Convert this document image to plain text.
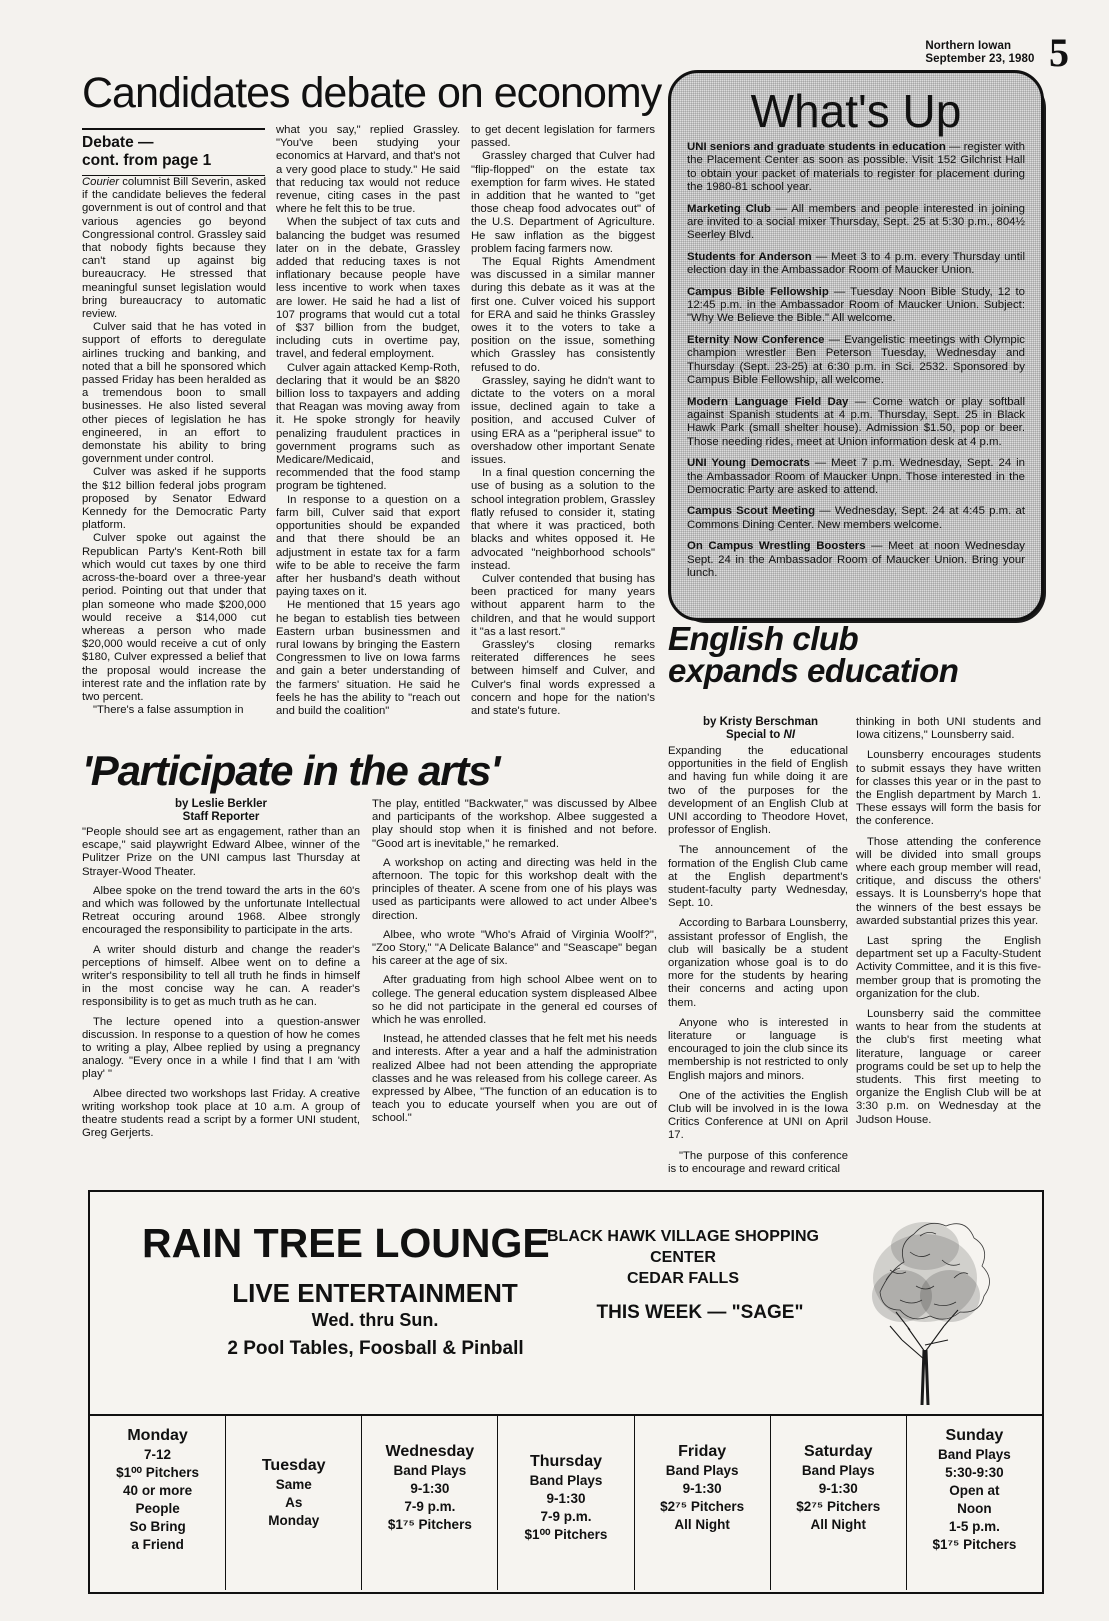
Northern Iowan
September 23, 1980 5
Candidates debate on economy
Debate —
cont. from page 1

Courier columnist Bill Severin, asked if the candidate believes the federal government is out of control and that various agencies go beyond Congressional control. Grassley said that nobody fights because they can't stand up against big bureaucracy. He stressed that meaningful sunset legislation would bring bureaucracy to automatic review.

Culver said that he has voted in support of efforts to deregulate airlines trucking and banking, and noted that a bill he sponsored which passed Friday has been heralded as a tremendous boon to small businesses. He also listed several other pieces of legislation he has engineered, in an effort to demonstate his ability to bring government under control.

Culver was asked if he supports the $12 billion federal jobs program proposed by Senator Edward Kennedy for the Democratic Party platform.

Culver spoke out against the Republican Party's Kent-Roth bill which would cut taxes by one third across-the-board over a three-year period. Pointing out that under that plan someone who made $200,000 would receive a $14,000 cut whereas a person who made $20,000 would receive a cut of only $180, Culver expressed a belief that the proposal would increase the interest rate and the inflation rate by two percent.

"There's a false assumption in

what you say," replied Grassley. "You've been studying your economics at Harvard, and that's not a very good place to study." He said that reducing tax would not reduce revenue, citing cases in the past where he felt this to be true.

When the subject of tax cuts and balancing the budget was resumed later on in the debate, Grassley added that reducing taxes is not inflationary because people have less incentive to work when taxes are lower. He said he had a list of 107 programs that would cut a total of $37 billion from the budget, including cuts in overtime pay, travel, and federal employment.

Culver again attacked Kemp-Roth, declaring that it would be an $820 billion loss to taxpayers and adding that Reagan was moving away from it. He spoke strongly for heavily penalizing fraudulent practices in government programs such as Medicare/Medicaid, and recommended that the food stamp program be tightened.

In response to a question on a farm bill, Culver said that export opportunities should be expanded and that there should be an adjustment in estate tax for a farm wife to be able to receive the farm after her husband's death without paying taxes on it.

He mentioned that 15 years ago he began to establish ties between Eastern urban businessmen and rural Iowans by bringing the Eastern Congressmen to live on Iowa farms and gain a beter understanding of the farmers' situation. He said he feels he has the ability to "reach out and build the coalition"

to get decent legislation for farmers passed.

Grassley charged that Culver had "flip-flopped" on the estate tax exemption for farm wives. He stated in addition that he wanted to "get those cheap food advocates out" of the U.S. Department of Agriculture. He saw inflation as the biggest problem facing farmers now.

The Equal Rights Amendment was discussed in a similar manner during this debate as it was at the first one. Culver voiced his support for ERA and said he thinks Grassley owes it to the voters to take a position on the issue, something which Grassley has consistently refused to do.

Grassley, saying he didn't want to dictate to the voters on a moral issue, declined again to take a position, and accused Culver of using ERA as a "peripheral issue" to overshadow other important Senate issues.

In a final question concerning the use of busing as a solution to the school integration problem, Grassley flatly refused to consider it, stating that where it was practiced, both blacks and whites opposed it. He advocated "neighborhood schools" instead.

Culver contended that busing has been practiced for many years without apparent harm to the children, and that he would support it "as a last resort."

Grassley's closing remarks reiterated differences he sees between himself and Culver, and Culver's final words expressed a concern and hope for the nation's and state's future.

What's Up

UNI seniors and graduate students in education — register with the Placement Center as soon as possible. Visit 152 Gilchrist Hall to obtain your packet of materials to register for placement during the 1980-81 school year.

Marketing Club — All members and people interested in joining are invited to a social mixer Thursday, Sept. 25 at 5:30 p.m., 804½ Seerley Blvd.

Students for Anderson — Meet 3 to 4 p.m. every Thursday until election day in the Ambassador Room of Maucker Union.

Campus Bible Fellowship — Tuesday Noon Bible Study, 12 to 12:45 p.m. in the Ambassador Room of Maucker Union. Subject: "Why We Believe the Bible." All welcome.

Eternity Now Conference — Evangelistic meetings with Olympic champion wrestler Ben Peterson Tuesday, Wednesday and Thursday (Sept. 23-25) at 6:30 p.m. in Sci. 2532. Sponsored by Campus Bible Fellowship, all welcome.

Modern Language Field Day — Come watch or play softball against Spanish students at 4 p.m. Thursday, Sept. 25 in Black Hawk Park (small shelter house). Admission $1.50, pop or beer. Those needing rides, meet at Union information desk at 4 p.m.

UNI Young Democrats — Meet 7 p.m. Wednesday, Sept. 24 in the Ambassador Room of Maucker Unpn. Those interested in the Democratic Party are asked to attend.

Campus Scout Meeting — Wednesday, Sept. 24 at 4:45 p.m. at Commons Dining Center. New members welcome.

On Campus Wrestling Boosters — Meet at noon Wednesday Sept. 24 in the Ambassador Room of Maucker Union. Bring your lunch.

English club
expands education
by Kristy Berschman
Special to NI

Expanding the educational opportunities in the field of English and having fun while doing it are two of the purposes for the development of an English Club at UNI according to Theodore Hovet, professor of English.

The announcement of the formation of the English Club came at the English department's student-faculty party Wednesday, Sept. 10.

According to Barbara Lounsberry, assistant professor of English, the club will basically be a student organization whose goal is to do more for the students by hearing their concerns and acting upon them.

Anyone who is interested in literature or language is encouraged to join the club since its membership is not restricted to only English majors and minors.

One of the activities the English Club will be involved in is the Iowa Critics Conference at UNI on April 17.

"The purpose of this conference is to encourage and reward critical

thinking in both UNI students and Iowa citizens," Lounsberry said.

Lounsberry encourages students to submit essays they have written for classes this year or in the past to the English department by March 1. These essays will form the basis for the conference.

Those attending the conference will be divided into small groups where each group member will read, critique, and discuss the others' essays. It is Lounsberry's hope that the winners of the best essays be awarded substantial prizes this year.

Last spring the English department set up a Faculty-Student Activity Committee, and it is this five-member group that is promoting the organization for the club.

Lounsberry said the committee wants to hear from the students at the club's first meeting what literature, language or career programs could be set up to help the students. This first meeting to organize the English Club will be at 3:30 p.m. on Wednesday at the Judson House.

'Participate in the arts'
by Leslie Berkler
Staff Reporter

"People should see art as engagement, rather than an escape," said playwright Edward Albee, winner of the Pulitzer Prize on the UNI campus last Thursday at Strayer-Wood Theater.

Albee spoke on the trend toward the arts in the 60's and which was followed by the unfortunate Intellectual Retreat occuring around 1968. Albee strongly encouraged the responsibility to participate in the arts.

A writer should disturb and change the reader's perceptions of himself. Albee went on to define a writer's responsibility to tell all truth he finds in himself in the most concise way he can. A reader's responsibility is to get as much truth as he can.

The lecture opened into a question-answer discussion. In response to a question of how he comes to writing a play, Albee replied by using a pregnancy analogy. "Every once in a while I find that I am 'with play' "

Albee directed two workshops last Friday. A creative writing workshop took place at 10 a.m. A group of theatre students read a script by a former UNI student, Greg Gerjerts.

The play, entitled "Backwater," was discussed by Albee and participants of the workshop. Albee suggested a play should stop when it is finished and not before. "Good art is inevitable," he remarked.

A workshop on acting and directing was held in the afternoon. The topic for this workshop dealt with the principles of theater. A scene from one of his plays was used as participants were allowed to act under Albee's direction.

Albee, who wrote "Who's Afraid of Virginia Woolf?", "Zoo Story," "A Delicate Balance" and "Seascape" began his career at the age of six.

After graduating from high school Albee went on to college. The general education system displeased Albee so he did not participate in the general ed courses of which he was enrolled.

Instead, he attended classes that he felt met his needs and interests. After a year and a half the administration realized Albee had not been attending the appropriate classes and he was released from his college career. As expressed by Albee, "The function of an education is to teach you to educate yourself when you are out of school."

RAIN TREE LOUNGE
BLACK HAWK VILLAGE SHOPPING CENTER
CEDAR FALLS
LIVE ENTERTAINMENT
Wed. thru Sun.
2 Pool Tables, Foosball & Pinball
THIS WEEK — "SAGE"
Monday
7-12
$1⁰⁰ Pitchers
40 or more
People
So Bring
a Friend
Tuesday
Same
As
Monday
Wednesday
Band Plays
9-1:30
7-9 p.m.
$1⁷⁵ Pitchers
Thursday
Band Plays
9-1:30
7-9 p.m.
$1⁰⁰ Pitchers
Friday
Band Plays
9-1:30
$2⁷⁵ Pitchers
All Night
Saturday
Band Plays
9-1:30
$2⁷⁵ Pitchers
All Night
Sunday
Band Plays
5:30-9:30
Open at
Noon
1-5 p.m.
$1⁷⁵ Pitchers
